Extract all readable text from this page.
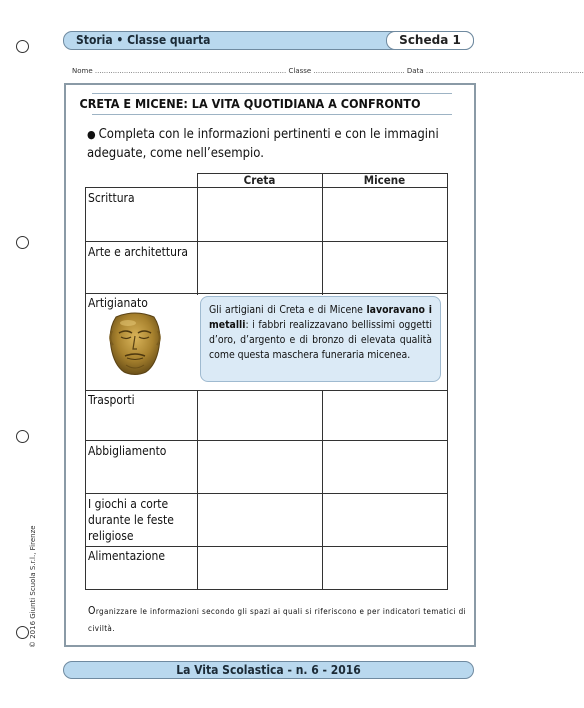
Storia • Classe quarta	Scheda 1
Nome ...................................................................................... Classe ......................................... Data .......................................................................
CRETA E MICENE: LA VITA QUOTIDIANA A CONFRONTO
● Completa con le informazioni pertinenti e con le immagini adeguate, come nell’esempio.
Creta	Micene
Scrittura
Arte e architettura
Artigianato
Trasporti
Abbigliamento
I giochi a corte durante le feste religiose
Alimentazione
Gli artigiani di Creta e di Micene lavoravano i metalli: i fabbri realizzavano bellissimi oggetti d’oro, d’argento e di bronzo di elevata qualità come questa maschera funeraria micenea.
Organizzare le informazioni secondo gli spazi ai quali si riferiscono e per indicatori tematici di civiltà.
© 2016 Giunti Scuola S.r.l., Firenze
La Vita Scolastica - n. 6 - 2016
